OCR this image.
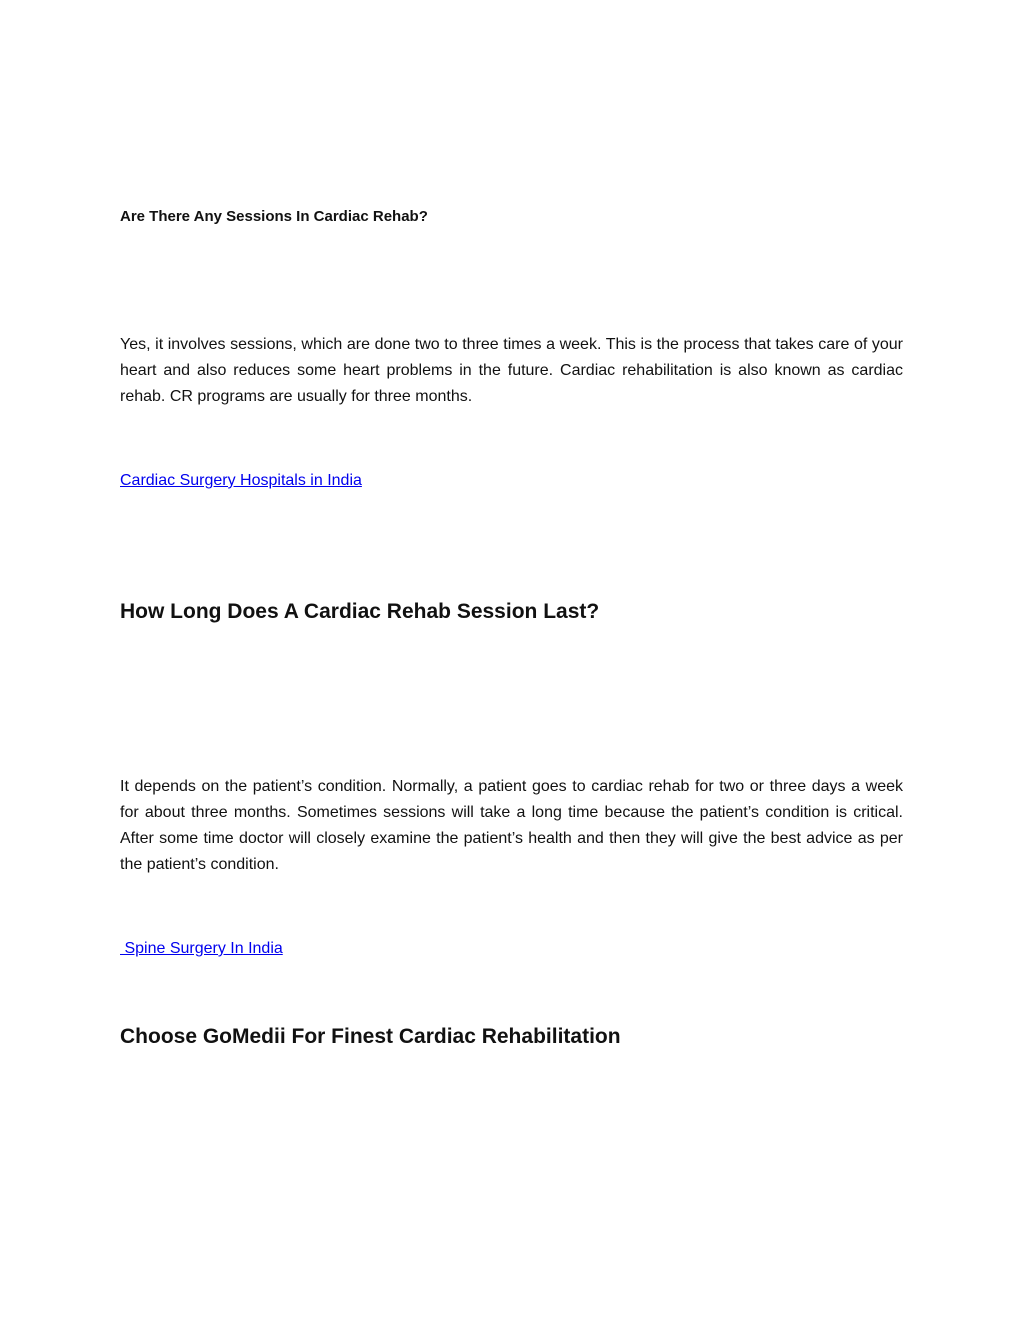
Are There Any Sessions In Cardiac Rehab?

Yes, it involves sessions, which are done two to three times a week. This is the process that takes care of your heart and also reduces some heart problems in the future. Cardiac rehabilitation is also known as cardiac rehab. CR programs are usually for three months.

Cardiac Surgery Hospitals in India
How Long Does A Cardiac Rehab Session Last?

It depends on the patient’s condition. Normally, a patient goes to cardiac rehab for two or three days a week for about three months. Sometimes sessions will take a long time because the patient’s condition is critical. After some time doctor will closely examine the patient’s health and then they will give the best advice as per the patient’s condition.

Spine Surgery In India
Choose GoMedii For Finest Cardiac Rehabilitation
